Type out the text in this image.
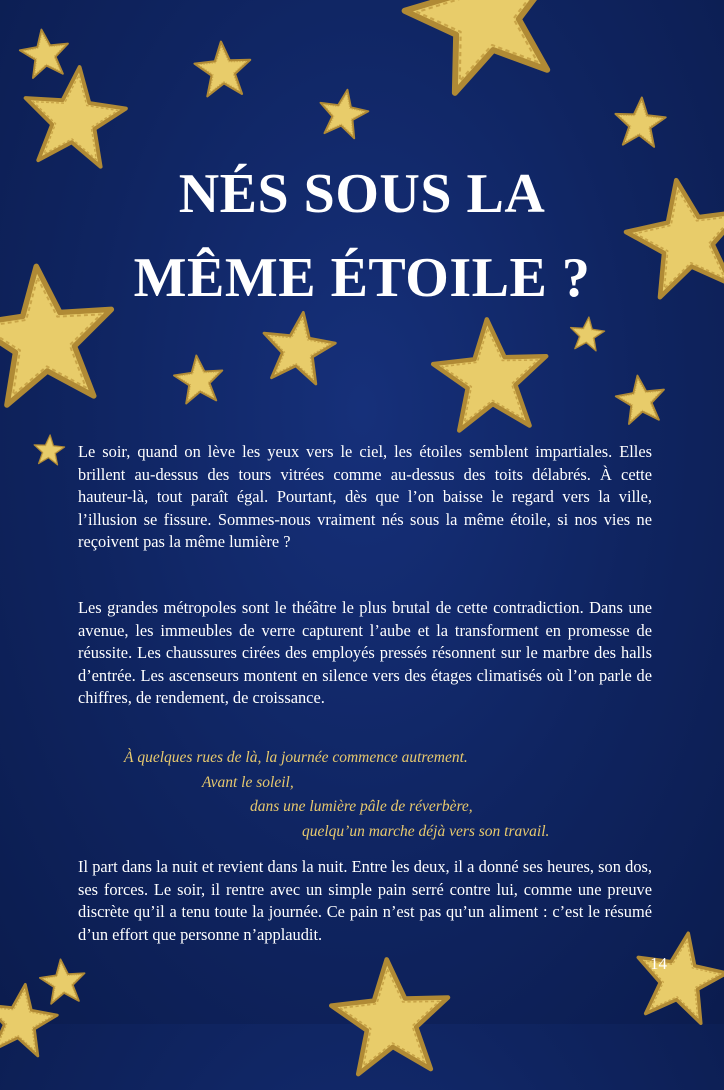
NÉS SOUS LA
MÊME ÉTOILE ?

Le soir, quand on lève les yeux vers le ciel, les étoiles semblent impartiales. Elles brillent au-dessus des tours vitrées comme au-dessus des toits délabrés. À cette hauteur-là, tout paraît égal. Pourtant, dès que l’on baisse le regard vers la ville, l’illusion se fissure. Sommes-nous vraiment nés sous la même étoile, si nos vies ne reçoivent pas la même lumière ?

Les grandes métropoles sont le théâtre le plus brutal de cette contradiction. Dans une avenue, les immeubles de verre capturent l’aube et la transforment en promesse de réussite. Les chaussures cirées des employés pressés résonnent sur le marbre des halls d’entrée. Les ascenseurs montent en silence vers des étages climatisés où l’on parle de chiffres, de rendement, de croissance.

À quelques rues de là, la journée commence autrement.
Avant le soleil,
dans une lumière pâle de réverbère,
quelqu’un marche déjà vers son travail.

Il part dans la nuit et revient dans la nuit. Entre les deux, il a donné ses heures, son dos, ses forces. Le soir, il rentre avec un simple pain serré contre lui, comme une preuve discrète qu’il a tenu toute la journée. Ce pain n’est pas qu’un aliment : c’est le résumé d’un effort que personne n’applaudit.

14
